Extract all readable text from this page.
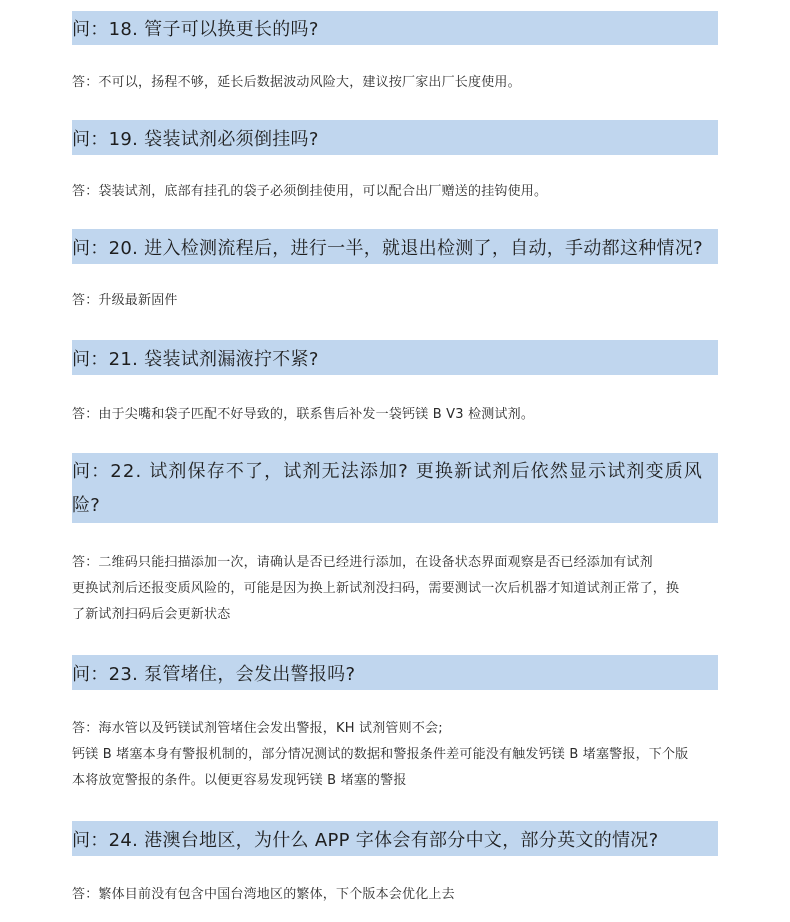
问：18. 管子可以换更长的吗?
答：不可以，扬程不够，延长后数据波动风险大，建议按厂家出厂长度使用。
问：19. 袋装试剂必须倒挂吗?
答：袋装试剂，底部有挂孔的袋子必须倒挂使用，可以配合出厂赠送的挂钩使用。
问：20. 进入检测流程后，进行一半，就退出检测了，自动，手动都这种情况?
答：升级最新固件
问：21. 袋装试剂漏液拧不紧?
答：由于尖嘴和袋子匹配不好导致的，联系售后补发一袋钙镁 B V3 检测试剂。
问：22. 试剂保存不了，试剂无法添加? 更换新试剂后依然显示试剂变质风
险?
答：二维码只能扫描添加一次，请确认是否已经进行添加，在设备状态界面观察是否已经添加有试剂
更换试剂后还报变质风险的，可能是因为换上新试剂没扫码，需要测试一次后机器才知道试剂正常了，换
了新试剂扫码后会更新状态
问：23. 泵管堵住，会发出警报吗?
答：海水管以及钙镁试剂管堵住会发出警报，KH 试剂管则不会;
钙镁 B 堵塞本身有警报机制的，部分情况测试的数据和警报条件差可能没有触发钙镁 B 堵塞警报，下个版
本将放宽警报的条件。以便更容易发现钙镁 B 堵塞的警报
问：24. 港澳台地区，为什么 APP 字体会有部分中文，部分英文的情况?
答：繁体目前没有包含中国台湾地区的繁体，下个版本会优化上去
